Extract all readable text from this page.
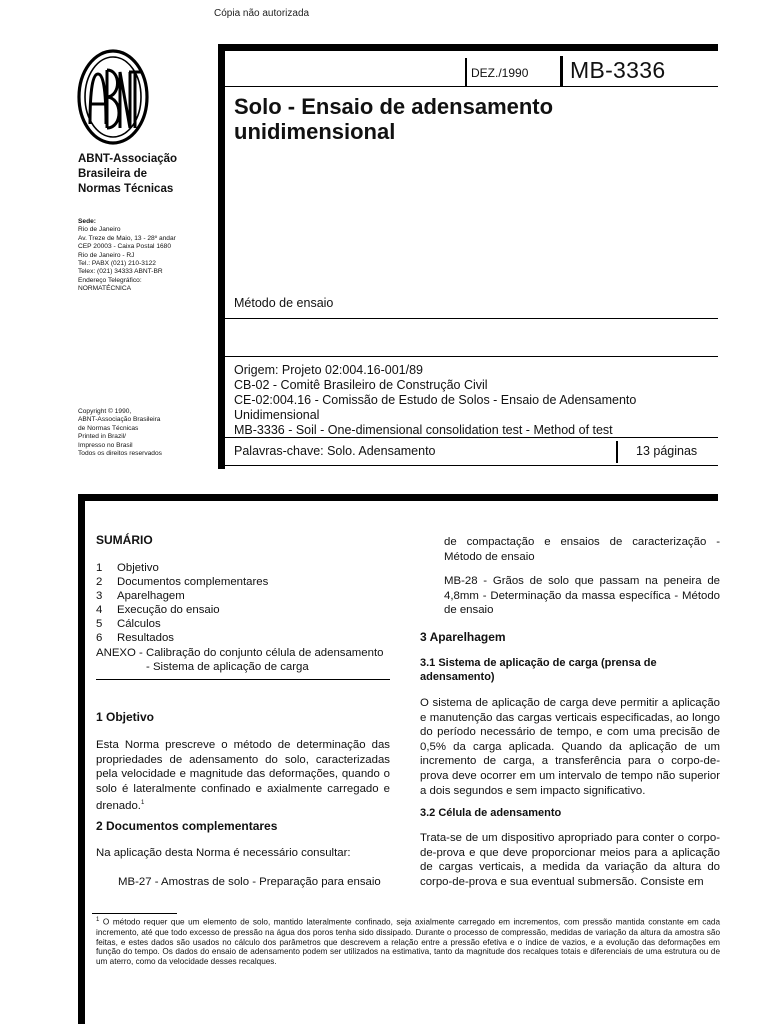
Cópia não autorizada
ABNT-Associação
Brasileira de
Normas Técnicas
Sede:
Rio de Janeiro
Av. Treze de Maio, 13 - 28º andar
CEP 20003 - Caixa Postal 1680
Rio de Janeiro - RJ
Tel.: PABX (021) 210-3122
Telex: (021) 34333 ABNT-BR
Endereço Telegráfico:
NORMATÉCNICA
Copyright © 1990,
ABNT-Associação Brasileira
de Normas Técnicas
Printed in Brazil/
Impresso no Brasil
Todos os direitos reservados
DEZ./1990 MB-3336
Solo - Ensaio de adensamento unidimensional
Método de ensaio
Origem: Projeto 02:004.16-001/89
CB-02 - Comitê Brasileiro de Construção Civil
CE-02:004.16 - Comissão de Estudo de Solos - Ensaio de Adensamento
Unidimensional
MB-3336 - Soil - One-dimensional consolidation test - Method of test
Palavras-chave: Solo. Adensamento	13 páginas
SUMÁRIO
1	Objetivo
2	Documentos complementares
3	Aparelhagem
4	Execução do ensaio
5	Cálculos
6	Resultados
ANEXO - Calibração do conjunto célula de adensamento
- Sistema de aplicação de carga
1 Objetivo
Esta Norma prescreve o método de determinação das propriedades de adensamento do solo, caracterizadas pela velocidade e magnitude das deformações, quando o solo é lateralmente confinado e axialmente carregado e drenado.$^1$
2 Documentos complementares
Na aplicação desta Norma é necessário consultar:
MB-27 - Amostras de solo - Preparação para ensaio
de compactação e ensaios de caracterização - Método de ensaio
MB-28 - Grãos de solo que passam na peneira de 4,8mm - Determinação da massa específica - Método de ensaio
3 Aparelhagem
3.1 Sistema de aplicação de carga (prensa de adensamento)
O sistema de aplicação de carga deve permitir a aplicação e manutenção das cargas verticais especificadas, ao longo do período necessário de tempo, e com uma precisão de 0,5% da carga aplicada. Quando da aplicação de um incremento de carga, a transferência para o corpo-de-prova deve ocorrer em um intervalo de tempo não superior a dois segundos e sem impacto significativo.
3.2 Célula de adensamento
Trata-se de um dispositivo apropriado para conter o corpo-de-prova e que deve proporcionar meios para a aplicação de cargas verticais, a medida da variação da altura do corpo-de-prova e sua eventual submersão. Consiste em
$^1$ O método requer que um elemento de solo, mantido lateralmente confinado, seja axialmente carregado em incrementos, com pressão mantida constante em cada incremento, até que todo excesso de pressão na água dos poros tenha sido dissipado. Durante o processo de compressão, medidas de variação da altura da amostra são feitas, e estes dados são usados no cálculo dos parâmetros que descrevem a relação entre a pressão efetiva e o índice de vazios, e a evolução das deformações em função do tempo. Os dados do ensaio de adensamento podem ser utilizados na estimativa, tanto da magnitude dos recalques totais e diferenciais de uma estrutura ou de um aterro, como da velocidade desses recalques.
